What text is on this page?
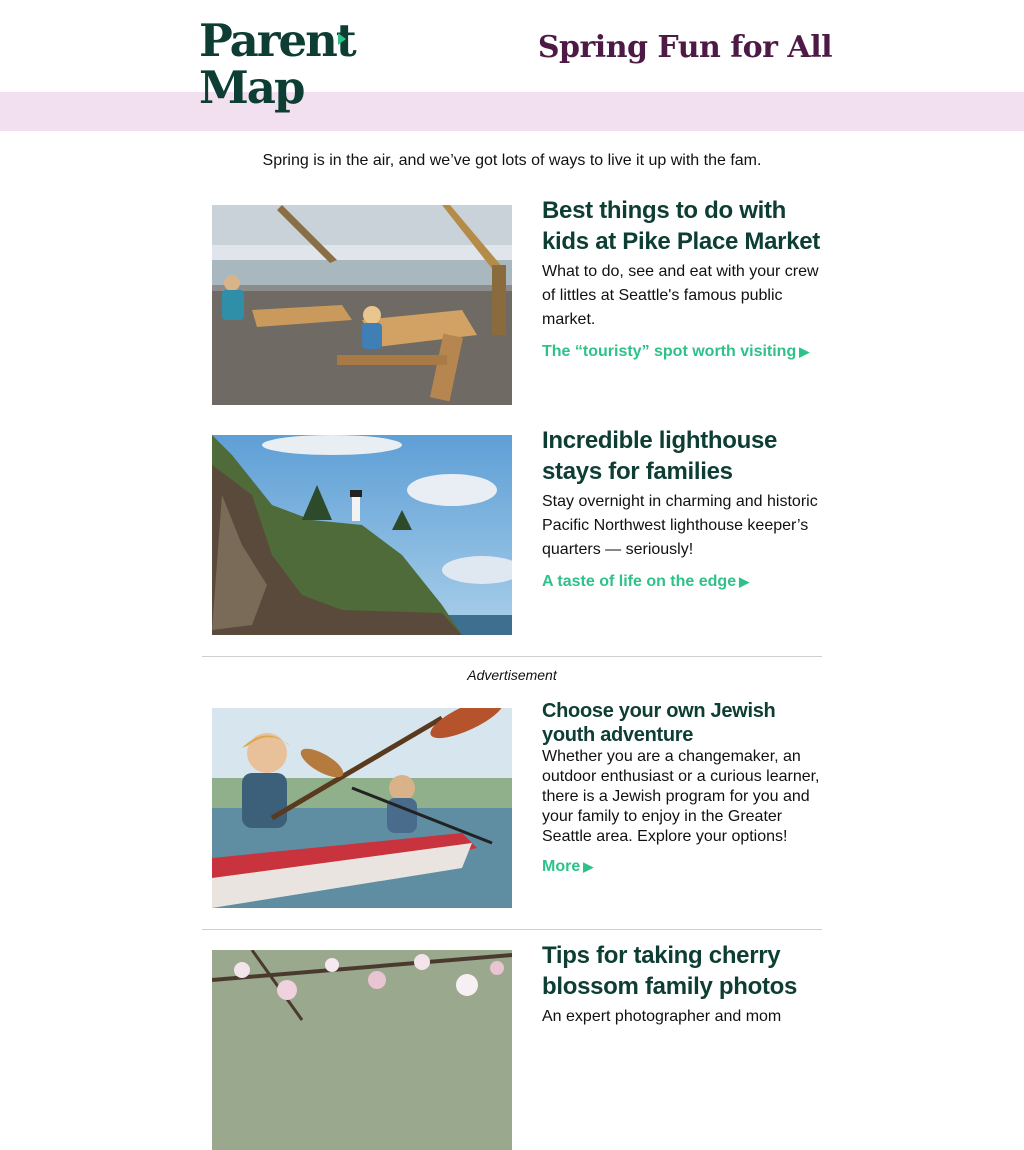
Parent
Map
Spring Fun for All
Spring is in the air, and we’ve got lots of ways to live it up with the fam.
Best things to do with kids at Pike Place Market

What to do, see and eat with your crew of littles at Seattle's famous public market.

The “touristy” spot worth visiting ▶
Incredible lighthouse stays for families

Stay overnight in charming and historic Pacific Northwest lighthouse keeper’s quarters — seriously!

A taste of life on the edge ▶
Advertisement
Choose your own Jewish youth adventure

Whether you are a changemaker, an outdoor enthusiast or a curious learner, there is a Jewish program for you and your family to enjoy in the Greater Seattle area. Explore your options!

More ▶
Tips for taking cherry blossom family photos

An expert photographer and mom
